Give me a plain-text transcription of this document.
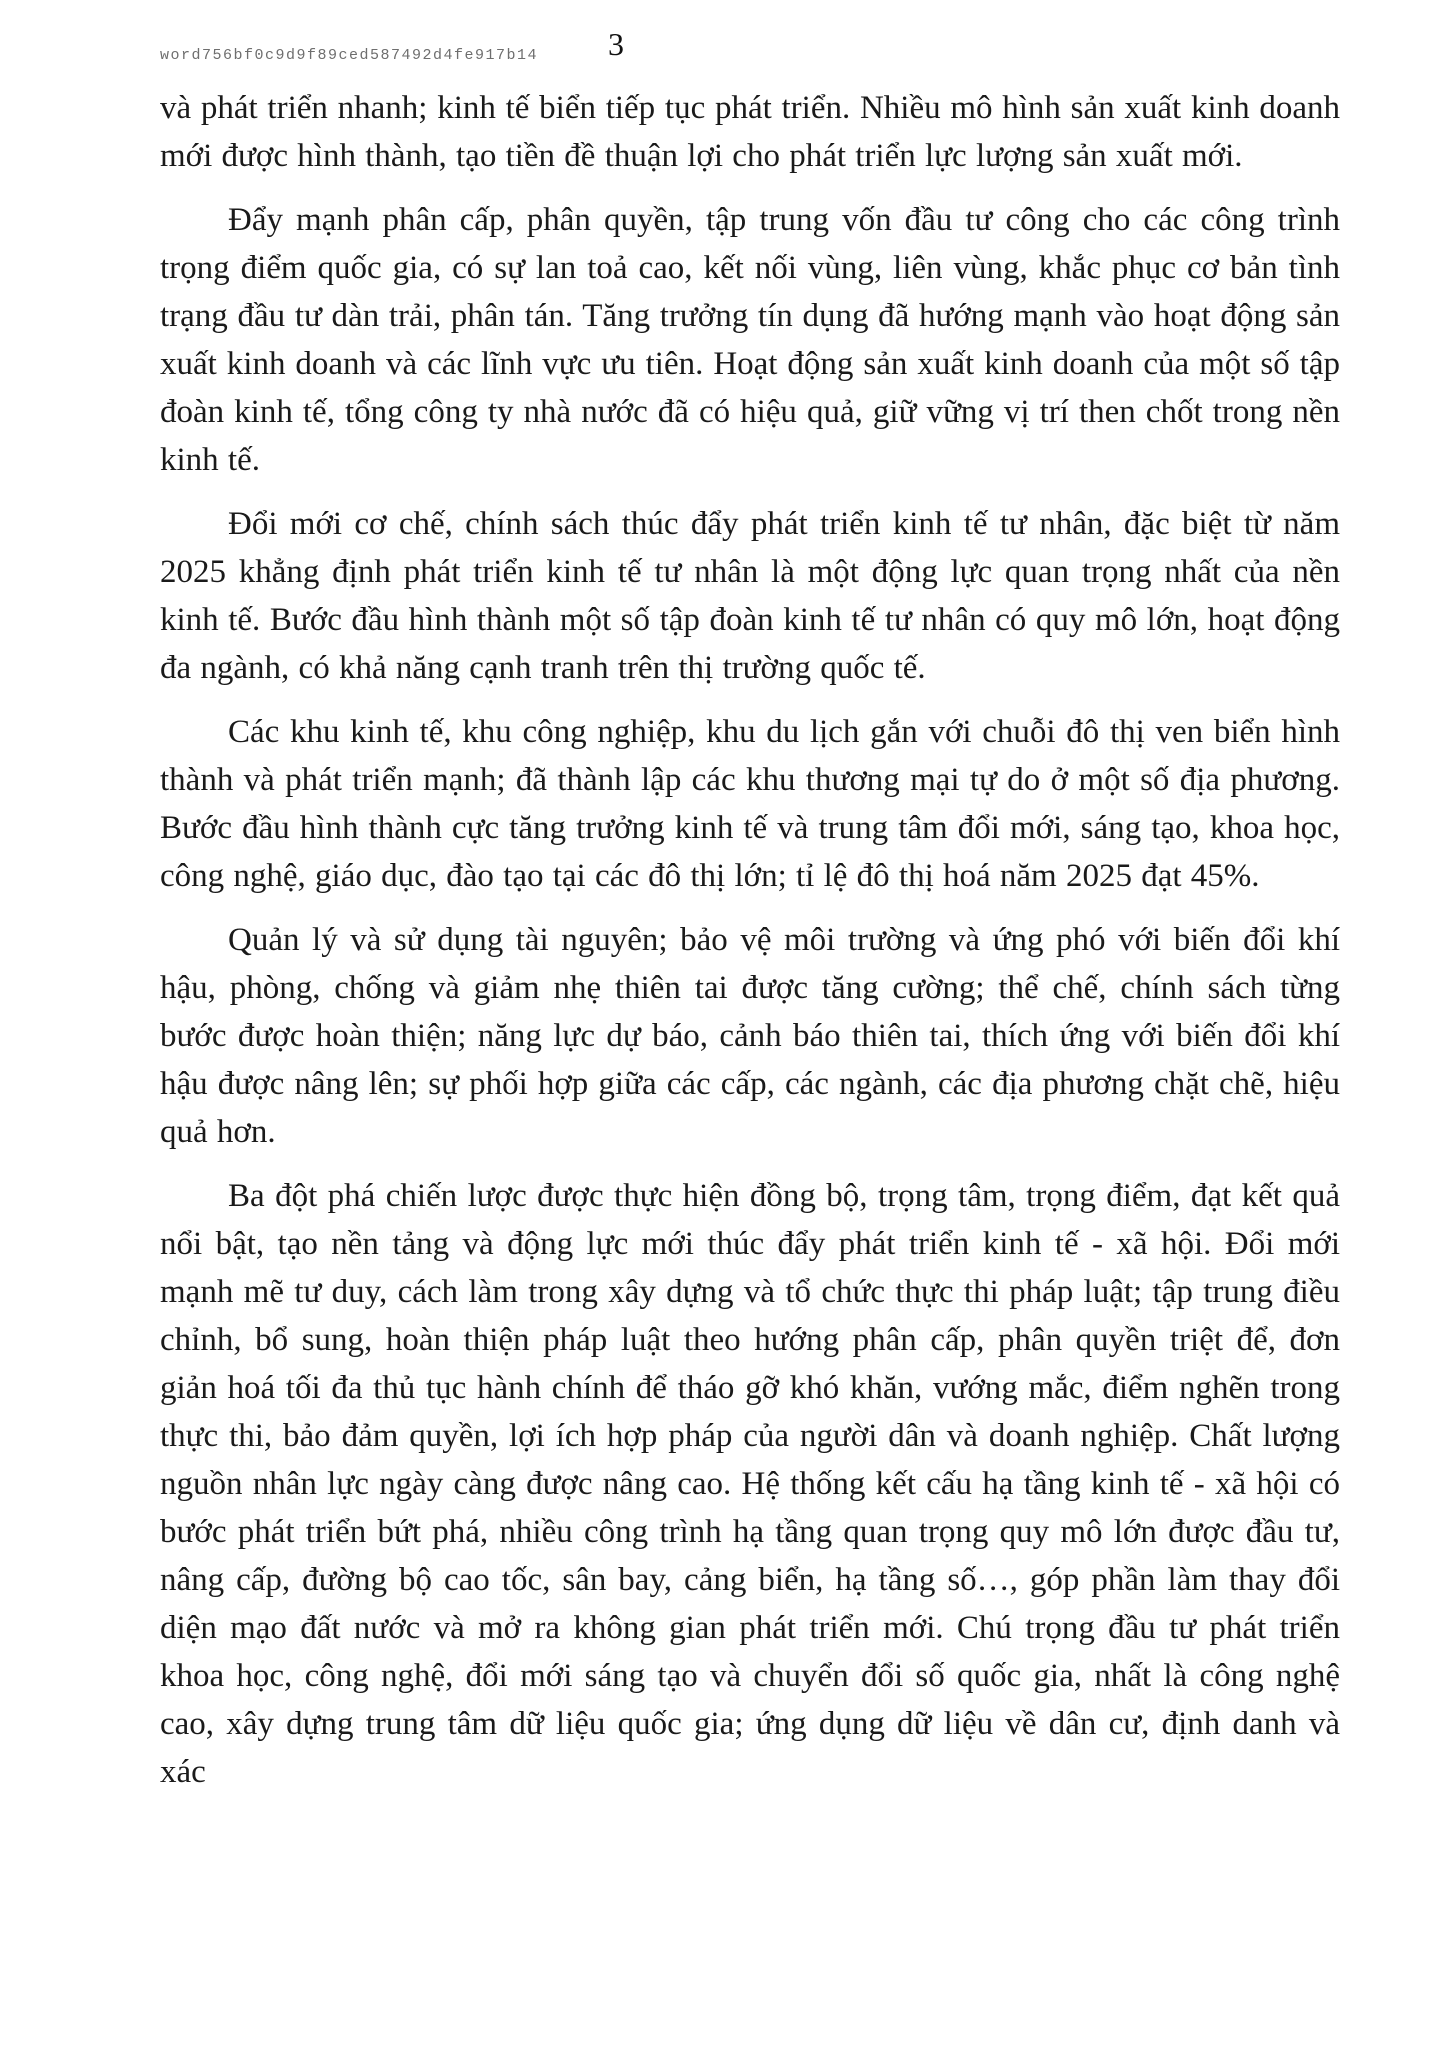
word756bf0c9d9f89ced587492d4fe917b14	3

và phát triển nhanh; kinh tế biển tiếp tục phát triển. Nhiều mô hình sản xuất kinh doanh mới được hình thành, tạo tiền đề thuận lợi cho phát triển lực lượng sản xuất mới.

Đẩy mạnh phân cấp, phân quyền, tập trung vốn đầu tư công cho các công trình trọng điểm quốc gia, có sự lan toả cao, kết nối vùng, liên vùng, khắc phục cơ bản tình trạng đầu tư dàn trải, phân tán. Tăng trưởng tín dụng đã hướng mạnh vào hoạt động sản xuất kinh doanh và các lĩnh vực ưu tiên. Hoạt động sản xuất kinh doanh của một số tập đoàn kinh tế, tổng công ty nhà nước đã có hiệu quả, giữ vững vị trí then chốt trong nền kinh tế.

Đổi mới cơ chế, chính sách thúc đẩy phát triển kinh tế tư nhân, đặc biệt từ năm 2025 khẳng định phát triển kinh tế tư nhân là một động lực quan trọng nhất của nền kinh tế. Bước đầu hình thành một số tập đoàn kinh tế tư nhân có quy mô lớn, hoạt động đa ngành, có khả năng cạnh tranh trên thị trường quốc tế.

Các khu kinh tế, khu công nghiệp, khu du lịch gắn với chuỗi đô thị ven biển hình thành và phát triển mạnh; đã thành lập các khu thương mại tự do ở một số địa phương. Bước đầu hình thành cực tăng trưởng kinh tế và trung tâm đổi mới, sáng tạo, khoa học, công nghệ, giáo dục, đào tạo tại các đô thị lớn; tỉ lệ đô thị hoá năm 2025 đạt 45%.

Quản lý và sử dụng tài nguyên; bảo vệ môi trường và ứng phó với biến đổi khí hậu, phòng, chống và giảm nhẹ thiên tai được tăng cường; thể chế, chính sách từng bước được hoàn thiện; năng lực dự báo, cảnh báo thiên tai, thích ứng với biến đổi khí hậu được nâng lên; sự phối hợp giữa các cấp, các ngành, các địa phương chặt chẽ, hiệu quả hơn.

Ba đột phá chiến lược được thực hiện đồng bộ, trọng tâm, trọng điểm, đạt kết quả nổi bật, tạo nền tảng và động lực mới thúc đẩy phát triển kinh tế - xã hội. Đổi mới mạnh mẽ tư duy, cách làm trong xây dựng và tổ chức thực thi pháp luật; tập trung điều chỉnh, bổ sung, hoàn thiện pháp luật theo hướng phân cấp, phân quyền triệt để, đơn giản hoá tối đa thủ tục hành chính để tháo gỡ khó khăn, vướng mắc, điểm nghẽn trong thực thi, bảo đảm quyền, lợi ích hợp pháp của người dân và doanh nghiệp. Chất lượng nguồn nhân lực ngày càng được nâng cao. Hệ thống kết cấu hạ tầng kinh tế - xã hội có bước phát triển bứt phá, nhiều công trình hạ tầng quan trọng quy mô lớn được đầu tư, nâng cấp, đường bộ cao tốc, sân bay, cảng biển, hạ tầng số…, góp phần làm thay đổi diện mạo đất nước và mở ra không gian phát triển mới. Chú trọng đầu tư phát triển khoa học, công nghệ, đổi mới sáng tạo và chuyển đổi số quốc gia, nhất là công nghệ cao, xây dựng trung tâm dữ liệu quốc gia; ứng dụng dữ liệu về dân cư, định danh và xác
